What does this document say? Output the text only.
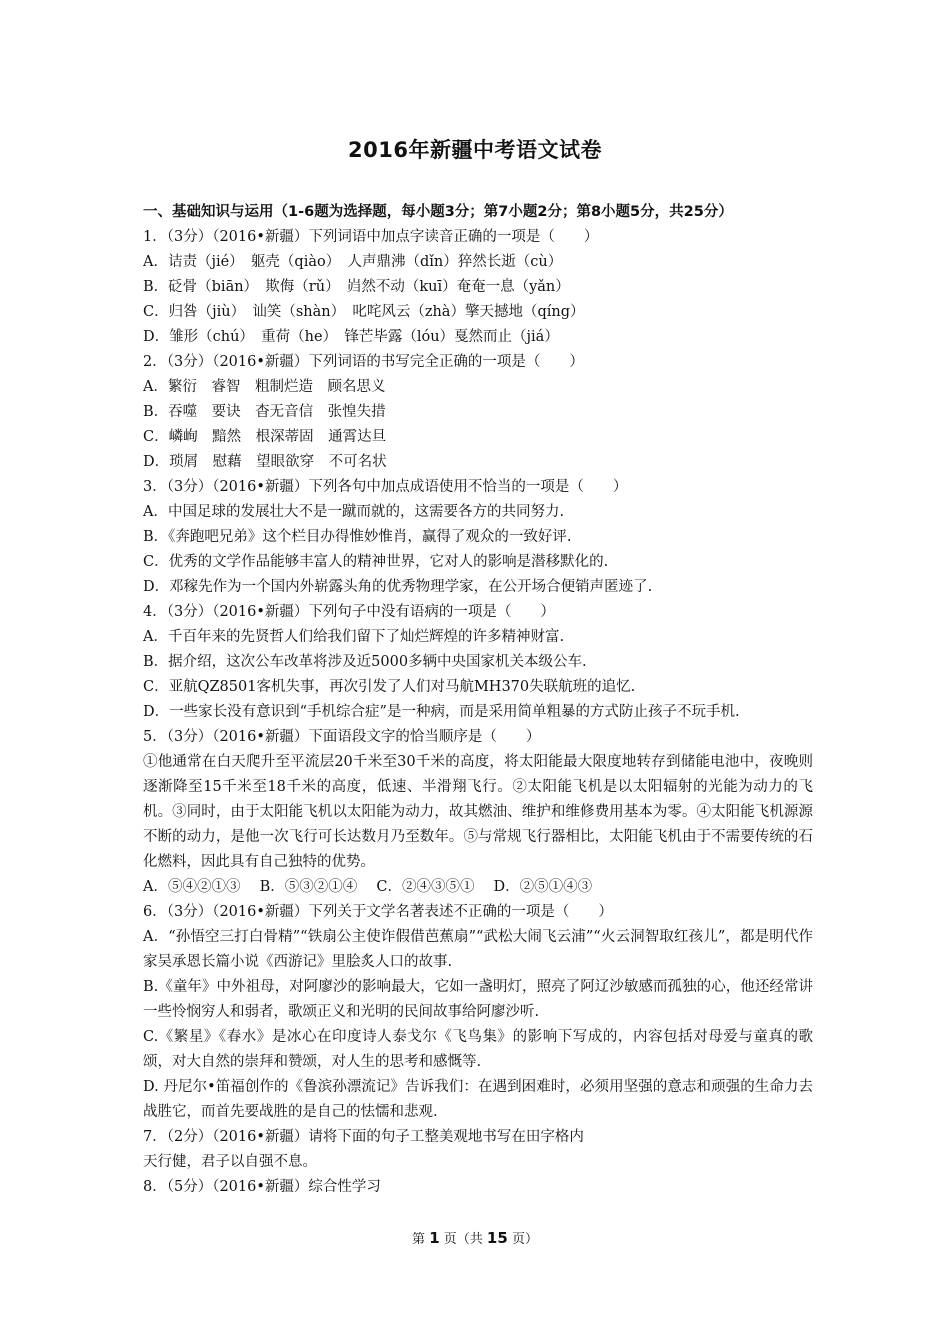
2016年新疆中考语文试卷
一、基础知识与运用（1-6题为选择题，每小题3分；第7小题2分；第8小题5分，共25分）
1．（3分）（2016•新疆）下列词语中加点字读音正确的一项是（　　）
A．诘责（jié）　躯壳（qiào）　人声鼎沸（dǐn）猝然长逝（cù）
B．砭骨（biān）　欺侮（rǔ）　岿然不动（kuī）奄奄一息（yǎn）
C．归咎（jiù）　讪笑（shàn）　叱咤风云（zhà）擎天撼地（qíng）
D．雏形（chú）　重荷（he）　锋芒毕露（lóu）戛然而止（jiá）
2．（3分）（2016•新疆）下列词语的书写完全正确的一项是（　　）
A．繁衍　睿智　粗制烂造　顾名思义
B．吞噬　要诀　杳无音信　张惶失措
C．嶙峋　黯然　根深蒂固　通霄达旦
D．琐屑　慰藉　望眼欲穿　不可名状
3．（3分）（2016•新疆）下列各句中加点成语使用不恰当的一项是（　　）
A．中国足球的发展壮大不是一蹴而就的，这需要各方的共同努力.
B．《奔跑吧兄弟》这个栏目办得惟妙惟肖，赢得了观众的一致好评.
C．优秀的文学作品能够丰富人的精神世界，它对人的影响是潜移默化的.
D．邓稼先作为一个国内外崭露头角的优秀物理学家，在公开场合便销声匿迹了.
4．（3分）（2016•新疆）下列句子中没有语病的一项是（　　）
A．千百年来的先贤哲人们给我们留下了灿烂辉煌的许多精神财富.
B．据介绍，这次公车改革将涉及近5000多辆中央国家机关本级公车.
C．亚航QZ8501客机失事，再次引发了人们对马航MH370失联航班的追忆.
D．一些家长没有意识到“手机综合症”是一种病，而是采用简单粗暴的方式防止孩子不玩手机.
5．（3分）（2016•新疆）下面语段文字的恰当顺序是（　　）
①他通常在白天爬升至平流层20千米至30千米的高度，将太阳能最大限度地转存到储能电池中，夜晚则逐渐降至15千米至18千米的高度，低速、半滑翔飞行。②太阳能飞机是以太阳辐射的光能为动力的飞机。③同时，由于太阳能飞机以太阳能为动力，故其燃油、维护和维修费用基本为零。④太阳能飞机源源不断的动力，是他一次飞行可长达数月乃至数年。⑤与常规飞行器相比，太阳能飞机由于不需要传统的石化燃料，因此具有自己独特的优势。
A．⑤④②①③　 B．⑤③②①④　 C．②④③⑤①　 D．②⑤①④③
6．（3分）（2016•新疆）下列关于文学名著表述不正确的一项是（　　）
A．“孙悟空三打白骨精”“铁扇公主使诈假借芭蕉扇”“武松大闹飞云浦”“火云洞智取红孩儿”，都是明代作家吴承恩长篇小说《西游记》里脍炙人口的故事.
B.《童年》中外祖母，对阿廖沙的影响最大，它如一盏明灯，照亮了阿辽沙敏感而孤独的心，他还经常讲一些怜悯穷人和弱者，歌颂正义和光明的民间故事给阿廖沙听.
C.《繁星》《春水》是冰心在印度诗人泰戈尔《飞鸟集》的影响下写成的，内容包括对母爱与童真的歌颂，对大自然的崇拜和赞颂，对人生的思考和感慨等.
D. 丹尼尔•笛福创作的《鲁滨孙漂流记》告诉我们：在遇到困难时，必须用坚强的意志和顽强的生命力去战胜它，而首先要战胜的是自己的怯懦和悲观.
7．（2分）（2016•新疆）请将下面的句子工整美观地书写在田字格内
天行健，君子以自强不息。
8．（5分）（2016•新疆）综合性学习
第 1 页（共 15 页）
